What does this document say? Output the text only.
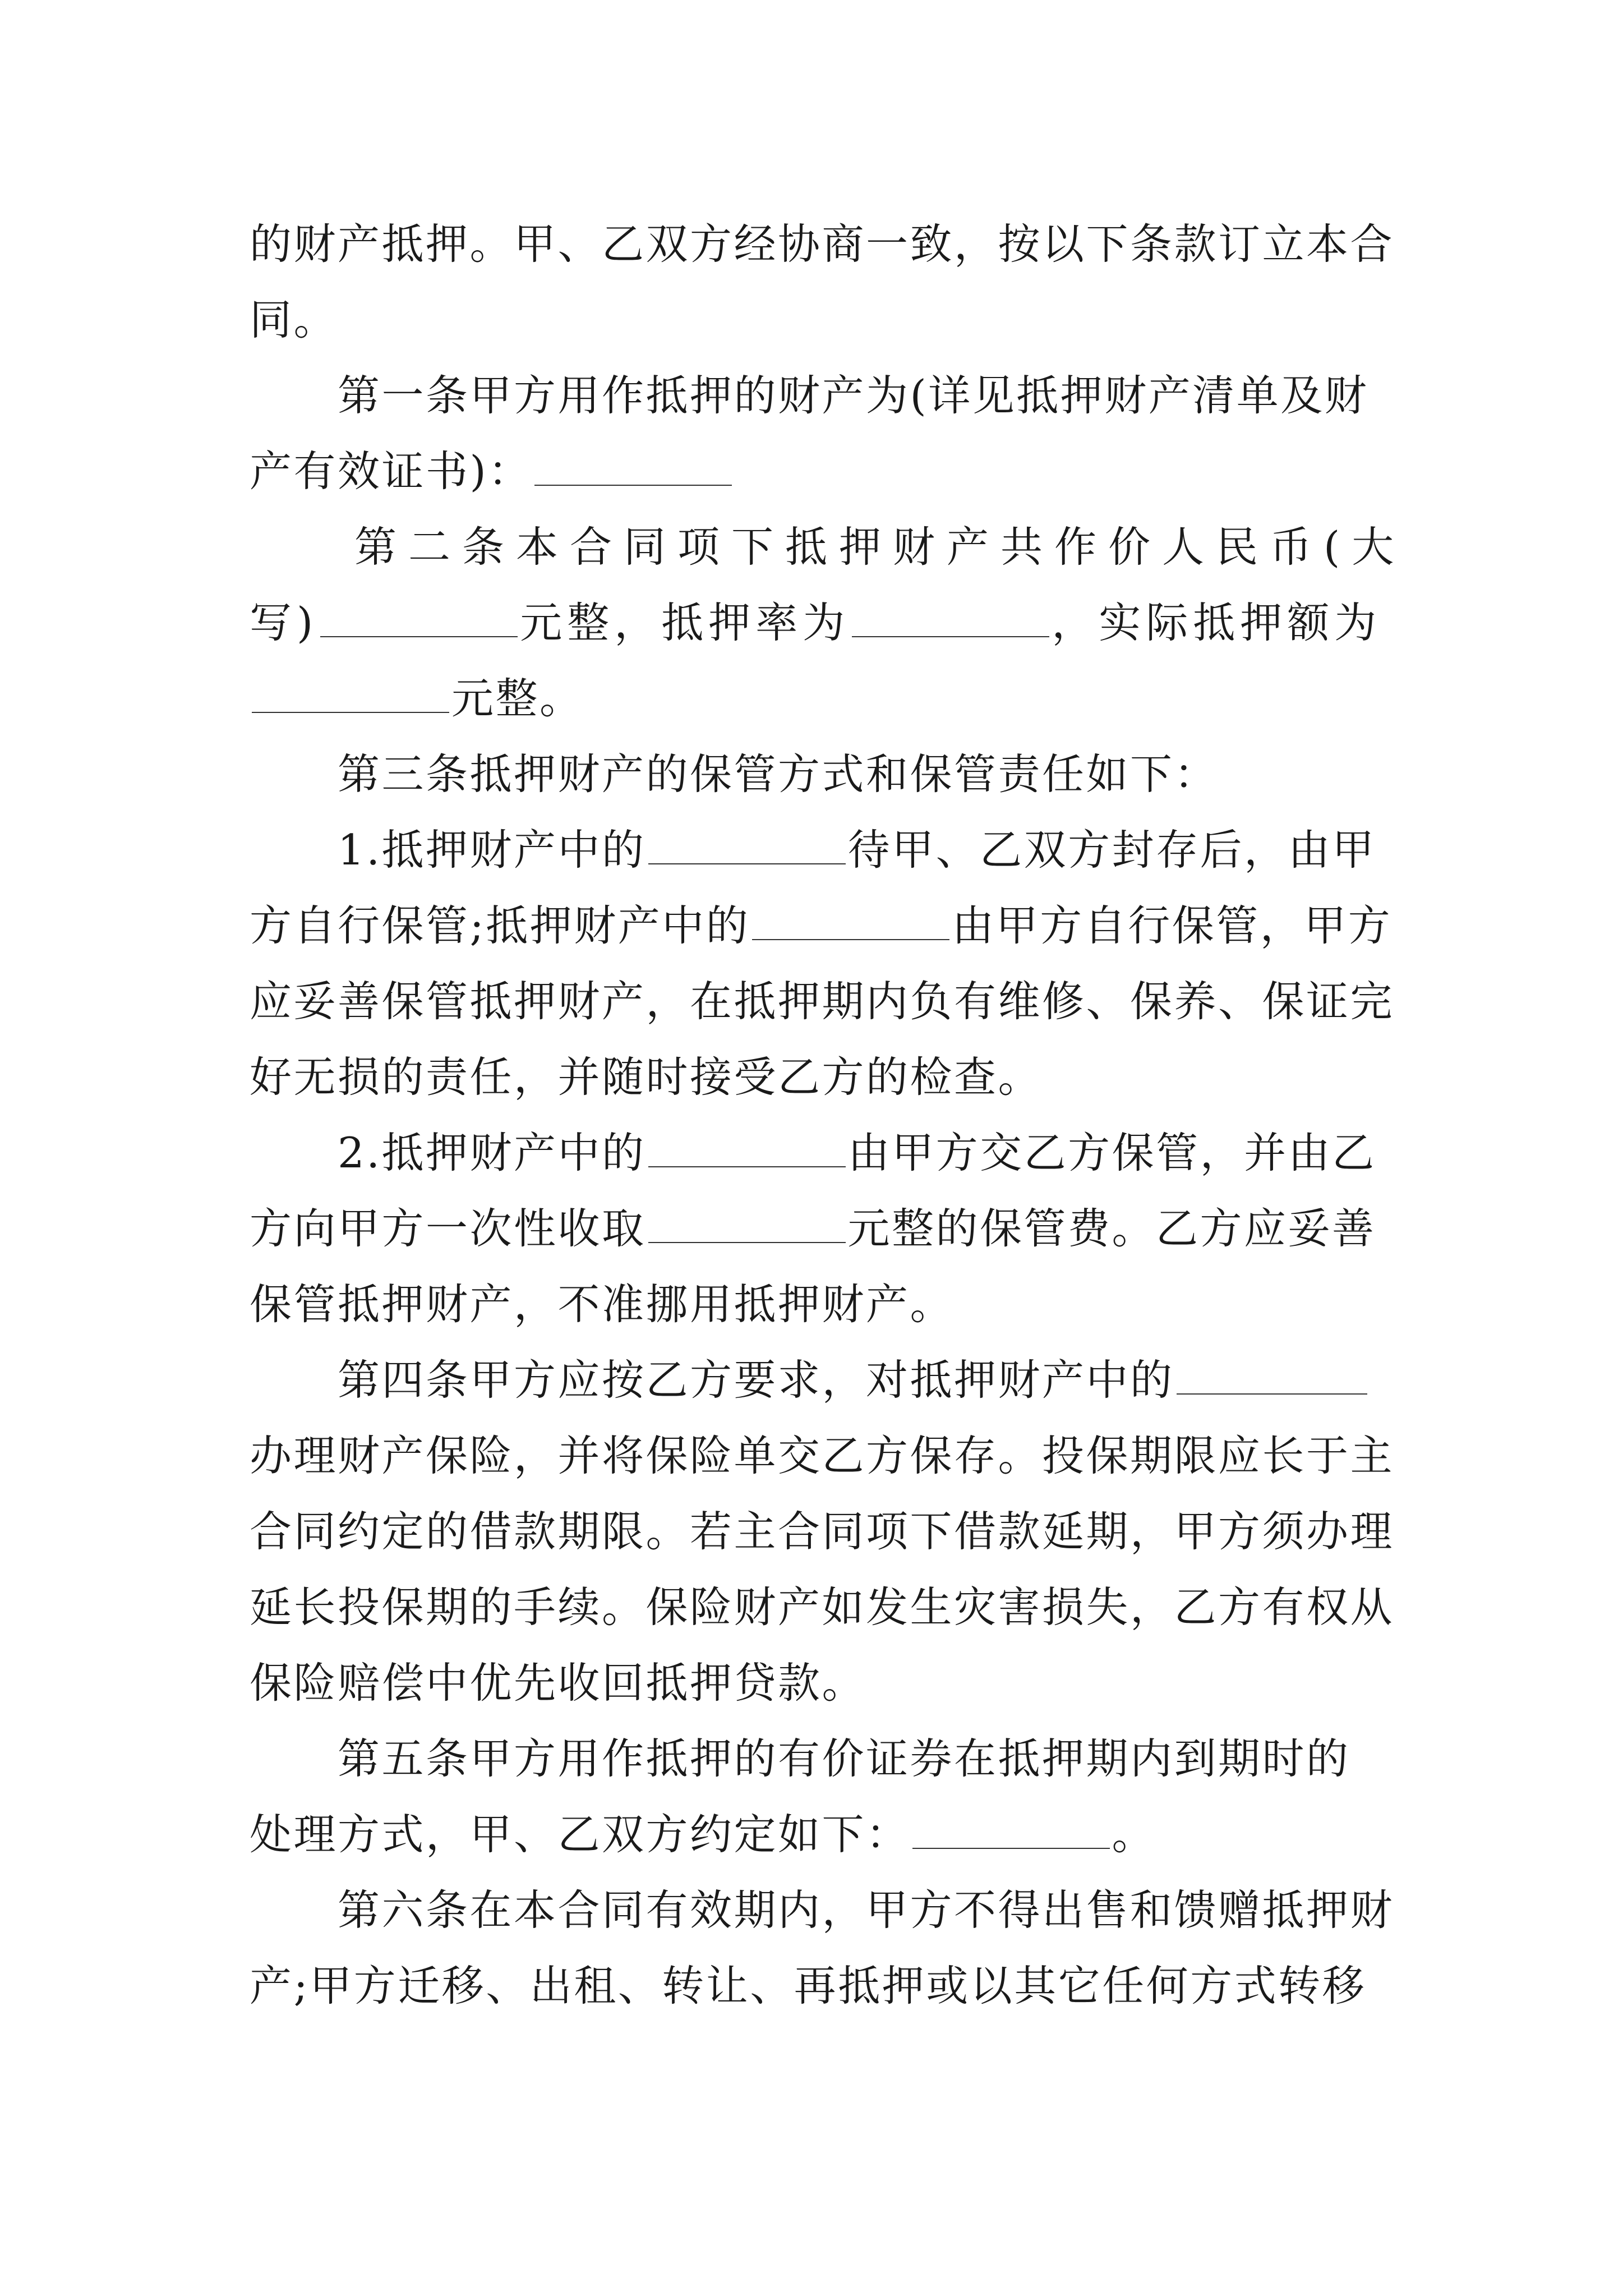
的财产抵押。甲、乙双方经协商一致，按以下条款订立本合
同。
第一条甲方用作抵押的财产为(详见抵押财产清单及财
产有效证书)：
第二条本合同项下抵押财产共作价人民币(大
写)	元整，抵押率为	，实际抵押额为
元整。
第三条抵押财产的保管方式和保管责任如下：
1.抵押财产中的	待甲、乙双方封存后，由甲
方自行保管;抵押财产中的	由甲方自行保管，甲方
应妥善保管抵押财产，在抵押期内负有维修、保养、保证完
好无损的责任，并随时接受乙方的检查。
2.抵押财产中的	由甲方交乙方保管，并由乙
方向甲方一次性收取	元整的保管费。乙方应妥善
保管抵押财产，不准挪用抵押财产。
第四条甲方应按乙方要求，对抵押财产中的
办理财产保险，并将保险单交乙方保存。投保期限应长于主
合同约定的借款期限。若主合同项下借款延期，甲方须办理
延长投保期的手续。保险财产如发生灾害损失，乙方有权从
保险赔偿中优先收回抵押贷款。
第五条甲方用作抵押的有价证券在抵押期内到期时的
处理方式，甲、乙双方约定如下：	。
第六条在本合同有效期内，甲方不得出售和馈赠抵押财
产;甲方迁移、出租、转让、再抵押或以其它任何方式转移
